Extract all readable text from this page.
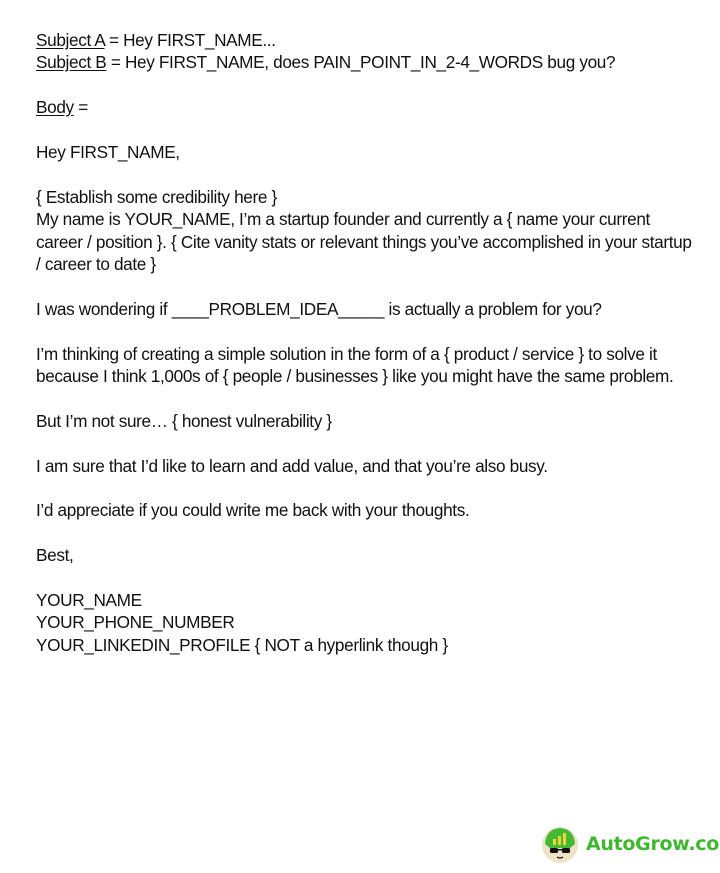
Subject A = Hey FIRST_NAME...
Subject B = Hey FIRST_NAME, does PAIN_POINT_IN_2-4_WORDS bug you?
Body =
Hey FIRST_NAME,
{ Establish some credibility here }
My name is YOUR_NAME, I’m a startup founder and currently a { name your current career / position }. { Cite vanity stats or relevant things you’ve accomplished in your startup / career to date }
I was wondering if ____PROBLEM_IDEA_____ is actually a problem for you?
I’m thinking of creating a simple solution in the form of a { product / service } to solve it because I think 1,000s of { people / businesses } like you might have the same problem.
But I’m not sure… { honest vulnerability }
I am sure that I’d like to learn and add value, and that you’re also busy.
I’d appreciate if you could write me back with your thoughts.
Best,
YOUR_NAME
YOUR_PHONE_NUMBER
YOUR_LINKEDIN_PROFILE { NOT a hyperlink though }
AutoGrow.co
